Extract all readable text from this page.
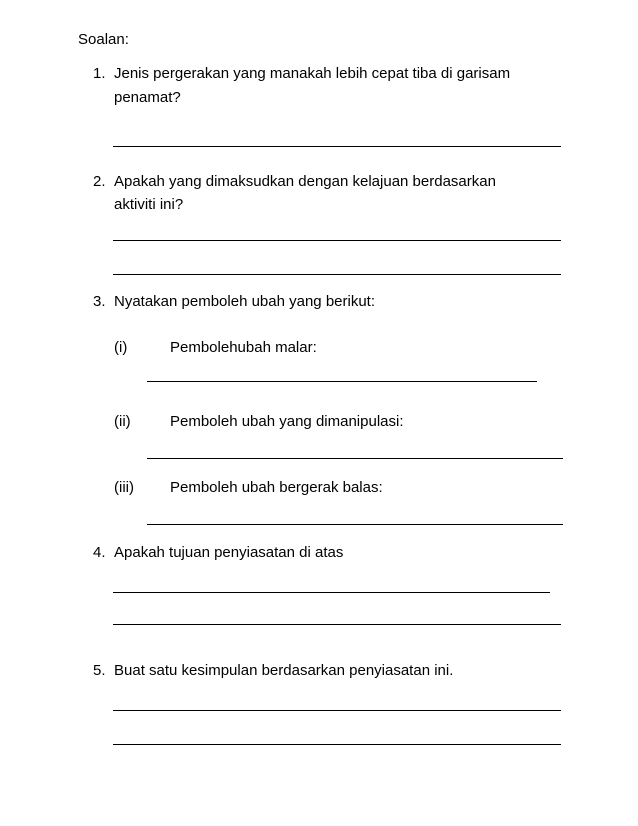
Soalan:
1. Jenis pergerakan yang manakah lebih cepat tiba di garisam
penamat?
2. Apakah yang dimaksudkan dengan kelajuan berdasarkan
aktiviti ini?
3. Nyatakan pemboleh ubah yang berikut:
(i)	Pembolehubah malar:
(ii)	Pemboleh ubah yang dimanipulasi:
(iii) Pemboleh ubah bergerak balas:
4. Apakah tujuan penyiasatan di atas
5. Buat satu kesimpulan berdasarkan penyiasatan ini.
